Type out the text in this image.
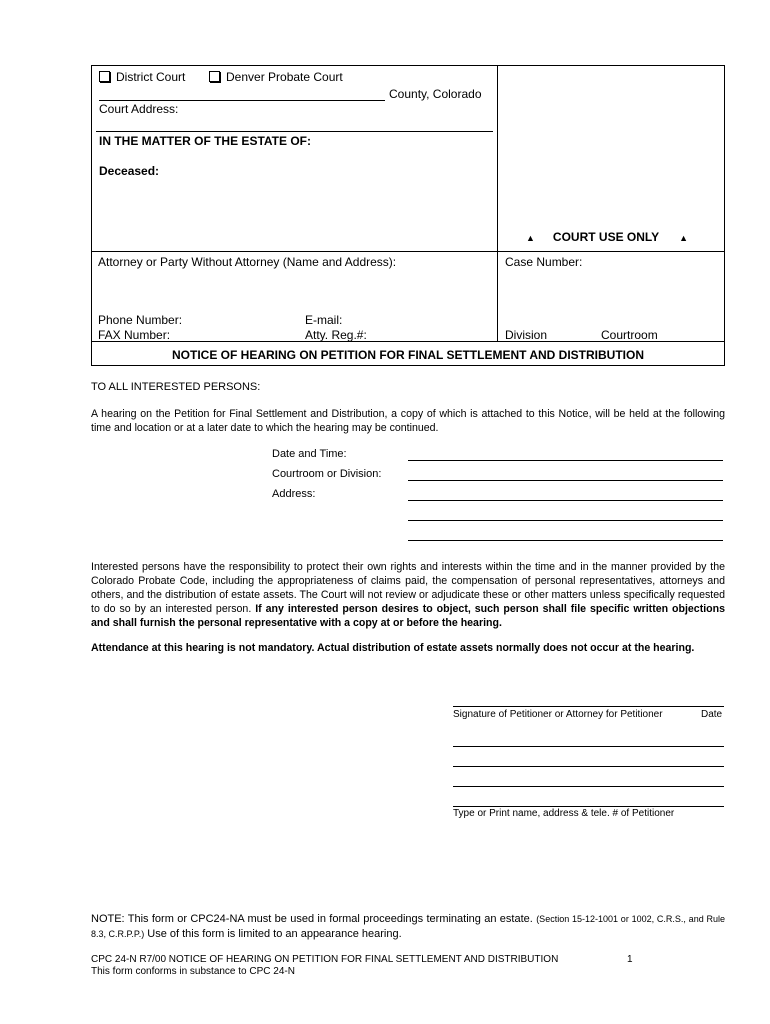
District Court	Denver Probate Court
County, Colorado
Court Address:
IN THE MATTER OF THE ESTATE OF:
Deceased:
▲ COURT USE ONLY ▲
Attorney or Party Without Attorney (Name and Address):
Phone Number:	E-mail:
FAX Number:	Atty. Reg.#:
Case Number:
Division	Courtroom
NOTICE OF HEARING ON PETITION FOR FINAL SETTLEMENT AND DISTRIBUTION
TO ALL INTERESTED PERSONS:
A hearing on the Petition for Final Settlement and Distribution, a copy of which is attached to this Notice, will be held at the following time and location or at a later date to which the hearing may be continued.
Date and Time:
Courtroom or Division:
Address:
Interested persons have the responsibility to protect their own rights and interests within the time and in the manner provided by the Colorado Probate Code, including the appropriateness of claims paid, the compensation of personal representatives, attorneys and others, and the distribution of estate assets. The Court will not review or adjudicate these or other matters unless specifically requested to do so by an interested person. If any interested person desires to object, such person shall file specific written objections and shall furnish the personal representative with a copy at or before the hearing.
Attendance at this hearing is not mandatory. Actual distribution of estate assets normally does not occur at the hearing.
Signature of Petitioner or Attorney for Petitioner	Date
Type or Print name, address & tele. # of Petitioner
NOTE: This form or CPC24-NA must be used in formal proceedings terminating an estate. (Section 15-12-1001 or 1002, C.R.S., and Rule 8.3, C.R.P.P.) Use of this form is limited to an appearance hearing.
CPC 24-N R7/00 NOTICE OF HEARING ON PETITION FOR FINAL SETTLEMENT AND DISTRIBUTION	1
This form conforms in substance to CPC 24-N
